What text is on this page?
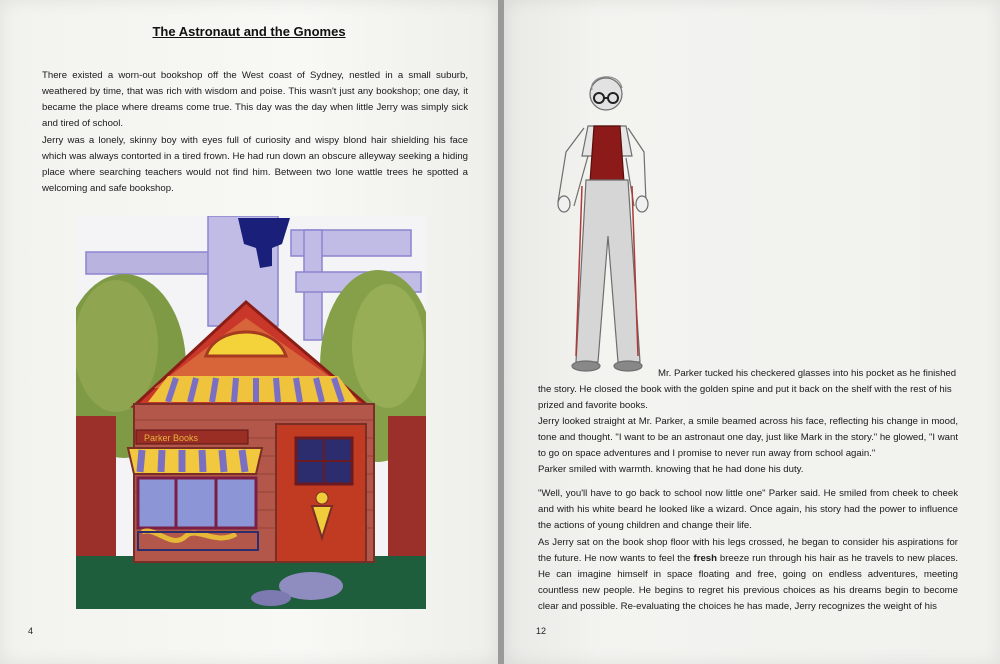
The Astronaut and the Gnomes
There existed a worn-out bookshop off the West coast of Sydney, nestled in a small suburb, weathered by time, that was rich with wisdom and poise. This wasn't just any bookshop; one day, it became the place where dreams come true. This day was the day when little Jerry was simply sick and tired of school.
Jerry was a lonely, skinny boy with eyes full of curiosity and wispy blond hair shielding his face which was always contorted in a tired frown. He had run down an obscure alleyway seeking a hiding place where searching teachers would not find him. Between two lone wattle trees he spotted a welcoming and safe bookshop.
Parker Books
4
Mr. Parker tucked his checkered glasses into his pocket as he finished
the story. He closed the book with the golden spine and put it back on the shelf with the rest of his prized and favorite books.
Jerry looked straight at Mr. Parker, a smile beamed across his face, reflecting his change in mood, tone and thought. "I want to be an astronaut one day, just like Mark in the story." he glowed, "I want to go on space adventures and I promise to never run away from school again."
Parker smiled with warmth. knowing that he had done his duty.
"Well, you'll have to go back to school now little one" Parker said. He smiled from cheek to cheek and with his white beard he looked like a wizard. Once again, his story had the power to influence the actions of young children and change their life.
As Jerry sat on the book shop floor with his legs crossed, he began to consider his aspirations for the future. He now wants to feel the fresh breeze run through his hair as he travels to new places. He can imagine himself in space floating and free, going on endless adventures, meeting countless new people. He begins to regret his previous choices as his dreams begin to become clear and possible. Re-evaluating the choices he has made, Jerry recognizes the weight of his
12
